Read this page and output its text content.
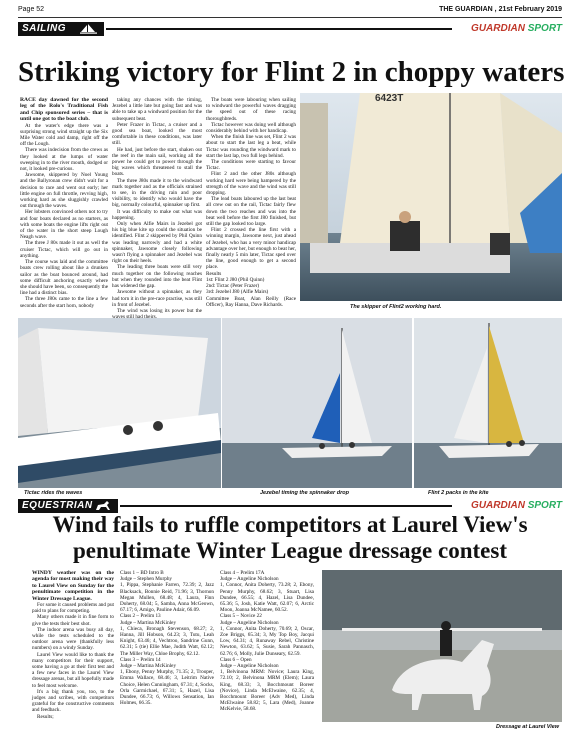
Page 52	THE GUARDIAN , 21st February 2019
SAILING	GUARDIAN SPORT
Striking victory for Flint 2 in choppy waters

RACE day dawned for the second leg of the Rolo's Traditional Fish and Chip sponsored series – that is until one got to the boat club.

At the water's edge there was a surprising strong wind straight up the Six Mile Water cold and damp, right off the off the Lough.

There was indecision from the crews as they looked at the lumps of water sweeping in to the river mouth, dodged or not, it looked pre-curious.

Jawsome, skippered by Noel Young and the Ballyronan crew didn't wait for a decision to race and went out early; her little engine on full throttle, revving high, working hard as she sluggishly crawled out through the waves.

Her lobsters convinced others not to try and four boats declared as no starters, as with some boats the engine lifts right out of the water in the short steep Lough Neagh wave.

The three J 80s made it out as well the cruiser Tictac, which will go out in anything.

The course was laid and the committee boats crew rolling about like a drunken sailor as the boat bounced around, had some difficult anchoring exactly where she should have been, so consequently the line had a distinct bias.

The three J80s came to the line a few seconds after the start horn, nobody

taking any chances with the timing, Jezebel a little late but going fast and was able to take up a windward position for the subsequent beat.

Peter Frazer in Tictac, a cruiser and a good sea boat, looked the most comfortable in these conditions, was later still.

He had, just before the start, shaken out the reef in the main sail, working all the power he could get to power through the big waves which threatened to stall the boats.

The three J80s made it to the windward mark together and as the officials strained to see, in the driving rain and poor visibility, to identify who would have the big, normally colourful, spinnaker up first.

It was difficulty to make out what was happening.

Only when Alfie Mairs in Jezebel got his big blue kite up could the situation be identified. Flint 2 skippered by Phil Quinn was leading narrowly and had a white spinnaker, Jawsome closely following wasn't flying a spinnaker and Jezebel was right on their heels.

The leading three boats were still very much together on the following reaches but when they rounded into the beat Flint has widened the gap.

Jawsome without a spinnaker, as they had torn it in the pre-race practise, was still in front of Jezebel.

The wind was losing its power but the

The boats were labouring when sailing to windward the powerful waves dragging the speed out of these racing thoroughbreds.

Tictac however was doing well although considerably behind with her handicap.

When the finish line was set, Flint 2 was about to start the last leg a beat, while Tictac was rounding the windward mark to start the last lap, two full legs behind.

The conditions were starting to favour Tictac.

Flint 2 and the other J80s although working hard were being hampered by the strength of the wave and the wind was still dropping.

The lead boats laboured up the last beat all crew out on the rail, Tictac fairly flew down the two reaches and was into the beat well before the first J80 finished, but still the gap looked too large.

Flint 2 crossed the line first with a winning margin, Jawsome next, just ahead of Jezebel, who has a very minor handicap advantage over her, but enough to beat her, finally nearly 5 min later, Tictac sped over the line, good enough to get a second place.

Results

1st: Flint 2 J80 (Phil Quinn)

2nd: Tictac (Peter Frazer)

3rd: Jezebel J80 (Alfie Mairs)

Committee Boat, Alan Reilly (Race Officer), Ray Hanna, Dave Richards.

6423T
The skipper of Flint2 working hard.
Tictac rides the waves	Jezebel timing the spinnaker drop	Flint 2 packs in the kite
EQUESTRIAN	GUARDIAN SPORT
Wind fails to ruffle competitors at Laurel View's penultimate Winter League dressage contest

WINDY weather was on the agenda for most making their way to Laurel View on Sunday for the penultimate competition in the Winter Dressage League.

For some it caused problems and put paid to plans for competing.

Many others made it in fine form to give the tests their best shot.

The indoor arena was busy all day, while the tests scheduled to the outdoor arena were (thankfully less numbers) on a windy Sunday.

Laurel View would like to thank the many competitors for their support, some having a go at their first test and a few new faces in the Laurel View dressage arenas, but all hopefully made to feel most welcome.

It's a big thank you, too, to the judges and scribes, with competitors grateful for the constructive comments and feedback.

Results;

Class 1 – BD Intro B

Judge – Stephen Murphy

1, Pippa, Stephanie Farren, 72.39; 2, Jazz Blacksack, Bonnie Reid, 71.96; 3, Thornon Megan Mullen, 68.48; 4, Laura, Finn Doherty, 68.04; 5, Samba, Anna McGeown, 67.17; 6, Amigo, Pauline Adair, 66.09.

Class 2 – Prelim 13

Judge – Martina McKinley

1, Chieca, Bronagh Stevenson, 68.27; 2, Hanna, Jill Hobson, 64.23; 3, Tutu, Leah Knight, 63.46; 4, Vechtroo, Sandrine Gunn, 62.31; 5 (tie) Ellie Mae, Judith Watt, 62.12; The Miller Way, Chloe Brophy, 62.12.

Class 3 – Prelim 14

Judge – Martina McKinley

1, Ebony, Penny Murphy, 71.35; 2, Trooper, Emma Wallace, 68.46; 3, Leitrim Native Choice, Helen Cunningham, 67.31; 4, Socks, Orla Garmichael, 67.31; 5, Hazel, Lisa Dundee, 66.73; 6, Willows Sensation, Ian Holmes, 66.35.

Class 4 – Prelim 17A

Judge – Angeline Nicholson

1, Connor, Anita Doherty, 73.28; 2, Ebony, Penny Murphy, 68.62; 3, Stuart, Lisa Dundee, 66.55; 4, Hazel, Lisa Dundee, 65.36; 5, Josh, Katie Watt, 62.07; 6, Arctic Moon, Joanna McNamee, 60.52.

Class 5 – Novice 22

Judge – Angeline Nicholson

1, Connor, Anita Doherty, 70.69; 2, Oscar, Zoe Briggs, 65.34; 3, My Top Boy, Jacqui Low, 64.31; 4, Runaway Rebel, Christine Newton, 63.62; 5, Susie, Sarah Pannasch, 62.76; 6, Molly, Julie Dunseary, 62.59.

Class 6 – Open

Judge – Angeline Nicholson

1, Belvinona MRM: Novice; Laura King, 72.10; 2, Belvinona MRM (Elem); Laura King, 68.33; 3, Bocchmount Boreer (Novice), Linda McElwaine, 62.35; 4, Bocchmount Boreer (Adv Med), Linda McElwaine 58.82; 5, Lara (Med), Joanne McKelvie, 58.68.

Dressage at Laurel View
